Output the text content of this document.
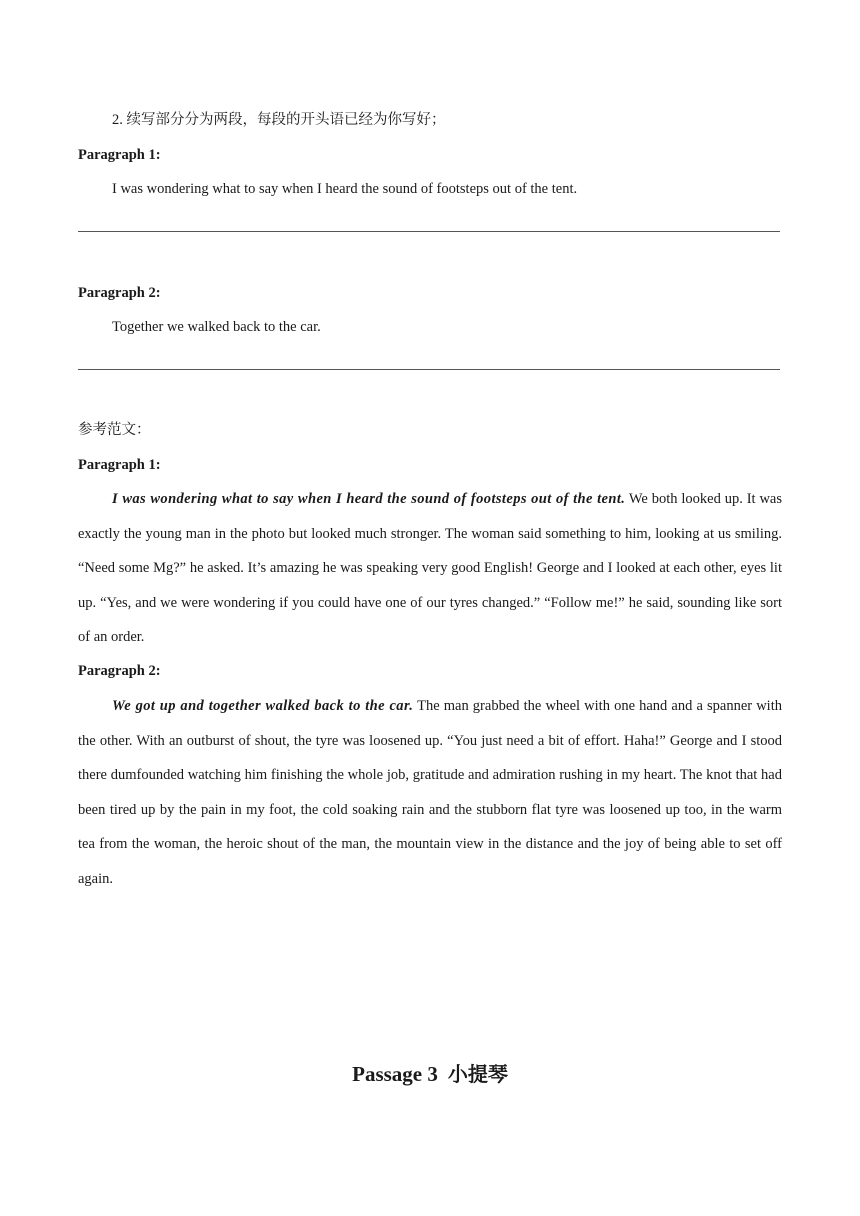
2. 续写部分分为两段，每段的开头语已经为你写好；
Paragraph 1:
I was wondering what to say when I heard the sound of footsteps out of the tent.
Paragraph 2:
Together we walked back to the car.
参考范文：
Paragraph 1:

I was wondering what to say when I heard the sound of footsteps out of the tent. We both looked up. It was exactly the young man in the photo but looked much stronger. The woman said something to him, looking at us smiling. “Need some Mg?” he asked. It’s amazing he was speaking very good English! George and I looked at each other, eyes lit up. “Yes, and we were wondering if you could have one of our tyres changed.” “Follow me!” he said, sounding like sort of an order.

Paragraph 2:

We got up and together walked back to the car. The man grabbed the wheel with one hand and a spanner with the other. With an outburst of shout, the tyre was loosened up. “You just need a bit of effort. Haha!” George and I stood there dumfounded watching him finishing the whole job, gratitude and admiration rushing in my heart. The knot that had been tired up by the pain in my foot, the cold soaking rain and the stubborn flat tyre was loosened up too, in the warm tea from the woman, the heroic shout of the man, the mountain view in the distance and the joy of being able to set off again.

Passage 3 小提琴
